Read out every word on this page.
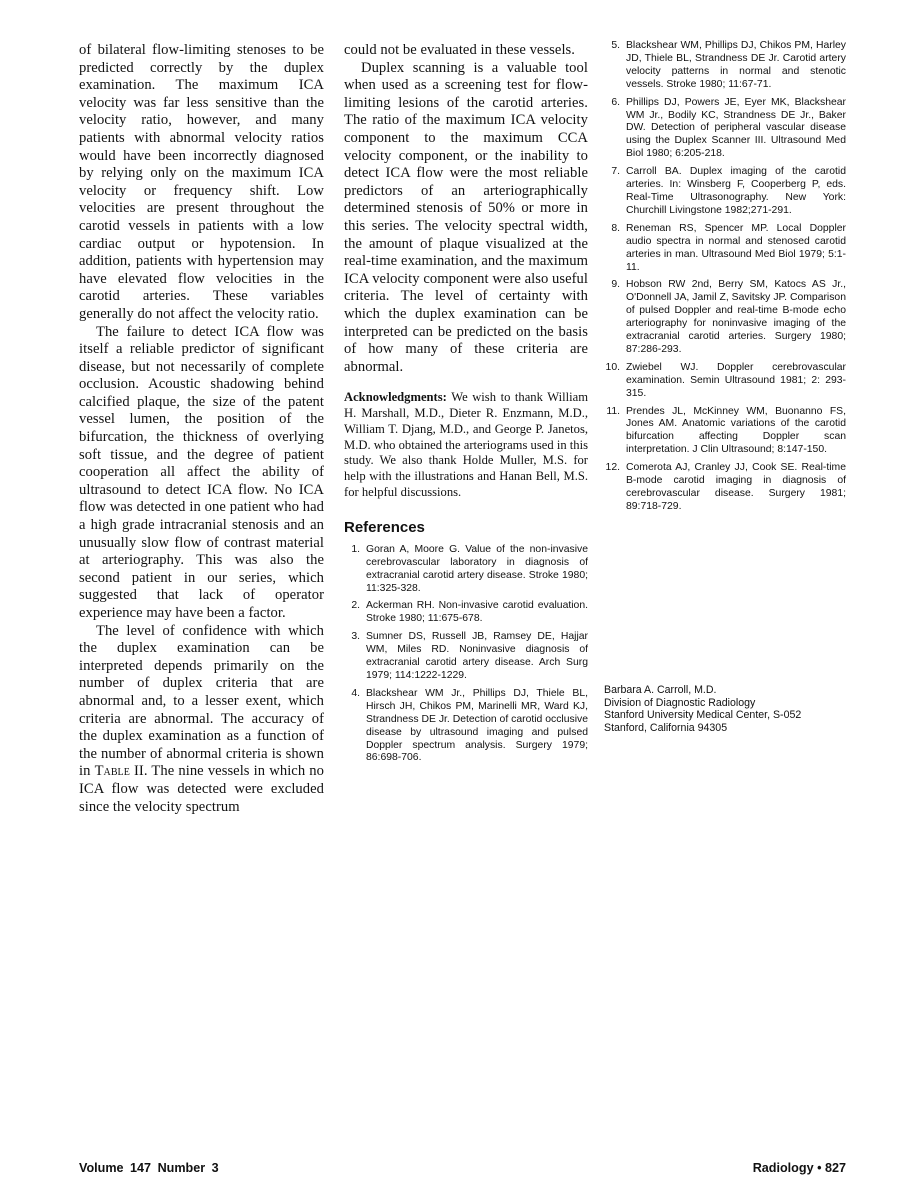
of bilateral flow-limiting stenoses to be predicted correctly by the duplex examination. The maximum ICA velocity was far less sensitive than the velocity ratio, however, and many patients with abnormal velocity ratios would have been incorrectly diagnosed by relying only on the maximum ICA velocity or frequency shift. Low velocities are present throughout the carotid vessels in patients with a low cardiac output or hypotension. In addition, patients with hypertension may have elevated flow velocities in the carotid arteries. These variables generally do not affect the velocity ratio.

The failure to detect ICA flow was itself a reliable predictor of significant disease, but not necessarily of complete occlusion. Acoustic shadowing behind calcified plaque, the size of the patent vessel lumen, the position of the bifurcation, the thickness of overlying soft tissue, and the degree of patient cooperation all affect the ability of ultrasound to detect ICA flow. No ICA flow was detected in one patient who had a high grade intracranial stenosis and an unusually slow flow of contrast material at arteriography. This was also the second patient in our series, which suggested that lack of operator experience may have been a factor.

The level of confidence with which the duplex examination can be interpreted depends primarily on the number of duplex criteria that are abnormal and, to a lesser exent, which criteria are abnormal. The accuracy of the duplex examination as a function of the number of abnormal criteria is shown in Table II. The nine vessels in which no ICA flow was detected were excluded since the velocity spectrum

could not be evaluated in these vessels.

Duplex scanning is a valuable tool when used as a screening test for flow-limiting lesions of the carotid arteries. The ratio of the maximum ICA velocity component to the maximum CCA velocity component, or the inability to detect ICA flow were the most reliable predictors of an arteriographically determined stenosis of 50% or more in this series. The velocity spectral width, the amount of plaque visualized at the real-time examination, and the maximum ICA velocity component were also useful criteria. The level of certainty with which the duplex examination can be interpreted can be predicted on the basis of how many of these criteria are abnormal.

Acknowledgments: We wish to thank William H. Marshall, M.D., Dieter R. Enzmann, M.D., William T. Djang, M.D., and George P. Janetos, M.D. who obtained the arteriograms used in this study. We also thank Holde Muller, M.S. for help with the illustrations and Hanan Bell, M.S. for helpful discussions.
References
1. Goran A, Moore G. Value of the non-invasive cerebrovascular laboratory in diagnosis of extracranial carotid artery disease. Stroke 1980; 11:325-328.
2. Ackerman RH. Non-invasive carotid evaluation. Stroke 1980; 11:675-678.
3. Sumner DS, Russell JB, Ramsey DE, Hajjar WM, Miles RD. Noninvasive diagnosis of extracranial carotid artery disease. Arch Surg 1979; 114:1222-1229.
4. Blackshear WM Jr., Phillips DJ, Thiele BL, Hirsch JH, Chikos PM, Marinelli MR, Ward KJ, Strandness DE Jr. Detection of carotid occlusive disease by ultrasound imaging and pulsed Doppler spectrum analysis. Surgery 1979; 86:698-706.
5. Blackshear WM, Phillips DJ, Chikos PM, Harley JD, Thiele BL, Strandness DE Jr. Carotid artery velocity patterns in normal and stenotic vessels. Stroke 1980; 11:67-71.
6. Phillips DJ, Powers JE, Eyer MK, Blackshear WM Jr., Bodily KC, Strandness DE Jr., Baker DW. Detection of peripheral vascular disease using the Duplex Scanner III. Ultrasound Med Biol 1980; 6:205-218.
7. Carroll BA. Duplex imaging of the carotid arteries. In: Winsberg F, Cooperberg P, eds. Real-Time Ultrasonography. New York: Churchill Livingstone 1982;271-291.
8. Reneman RS, Spencer MP. Local Doppler audio spectra in normal and stenosed carotid arteries in man. Ultrasound Med Biol 1979; 5:1-11.
9. Hobson RW 2nd, Berry SM, Katocs AS Jr., O'Donnell JA, Jamil Z, Savitsky JP. Comparison of pulsed Doppler and real-time B-mode echo arteriography for noninvasive imaging of the extracranial carotid arteries. Surgery 1980; 87:286-293.
10. Zwiebel WJ. Doppler cerebrovascular examination. Semin Ultrasound 1981; 2: 293-315.
11. Prendes JL, McKinney WM, Buonanno FS, Jones AM. Anatomic variations of the carotid bifurcation affecting Doppler scan interpretation. J Clin Ultrasound; 8:147-150.
12. Comerota AJ, Cranley JJ, Cook SE. Real-time B-mode carotid imaging in diagnosis of cerebrovascular disease. Surgery 1981; 89:718-729.
Barbara A. Carroll, M.D.
Division of Diagnostic Radiology
Stanford University Medical Center, S-052
Stanford, California 94305
Volume 147 Number 3	Radiology • 827
